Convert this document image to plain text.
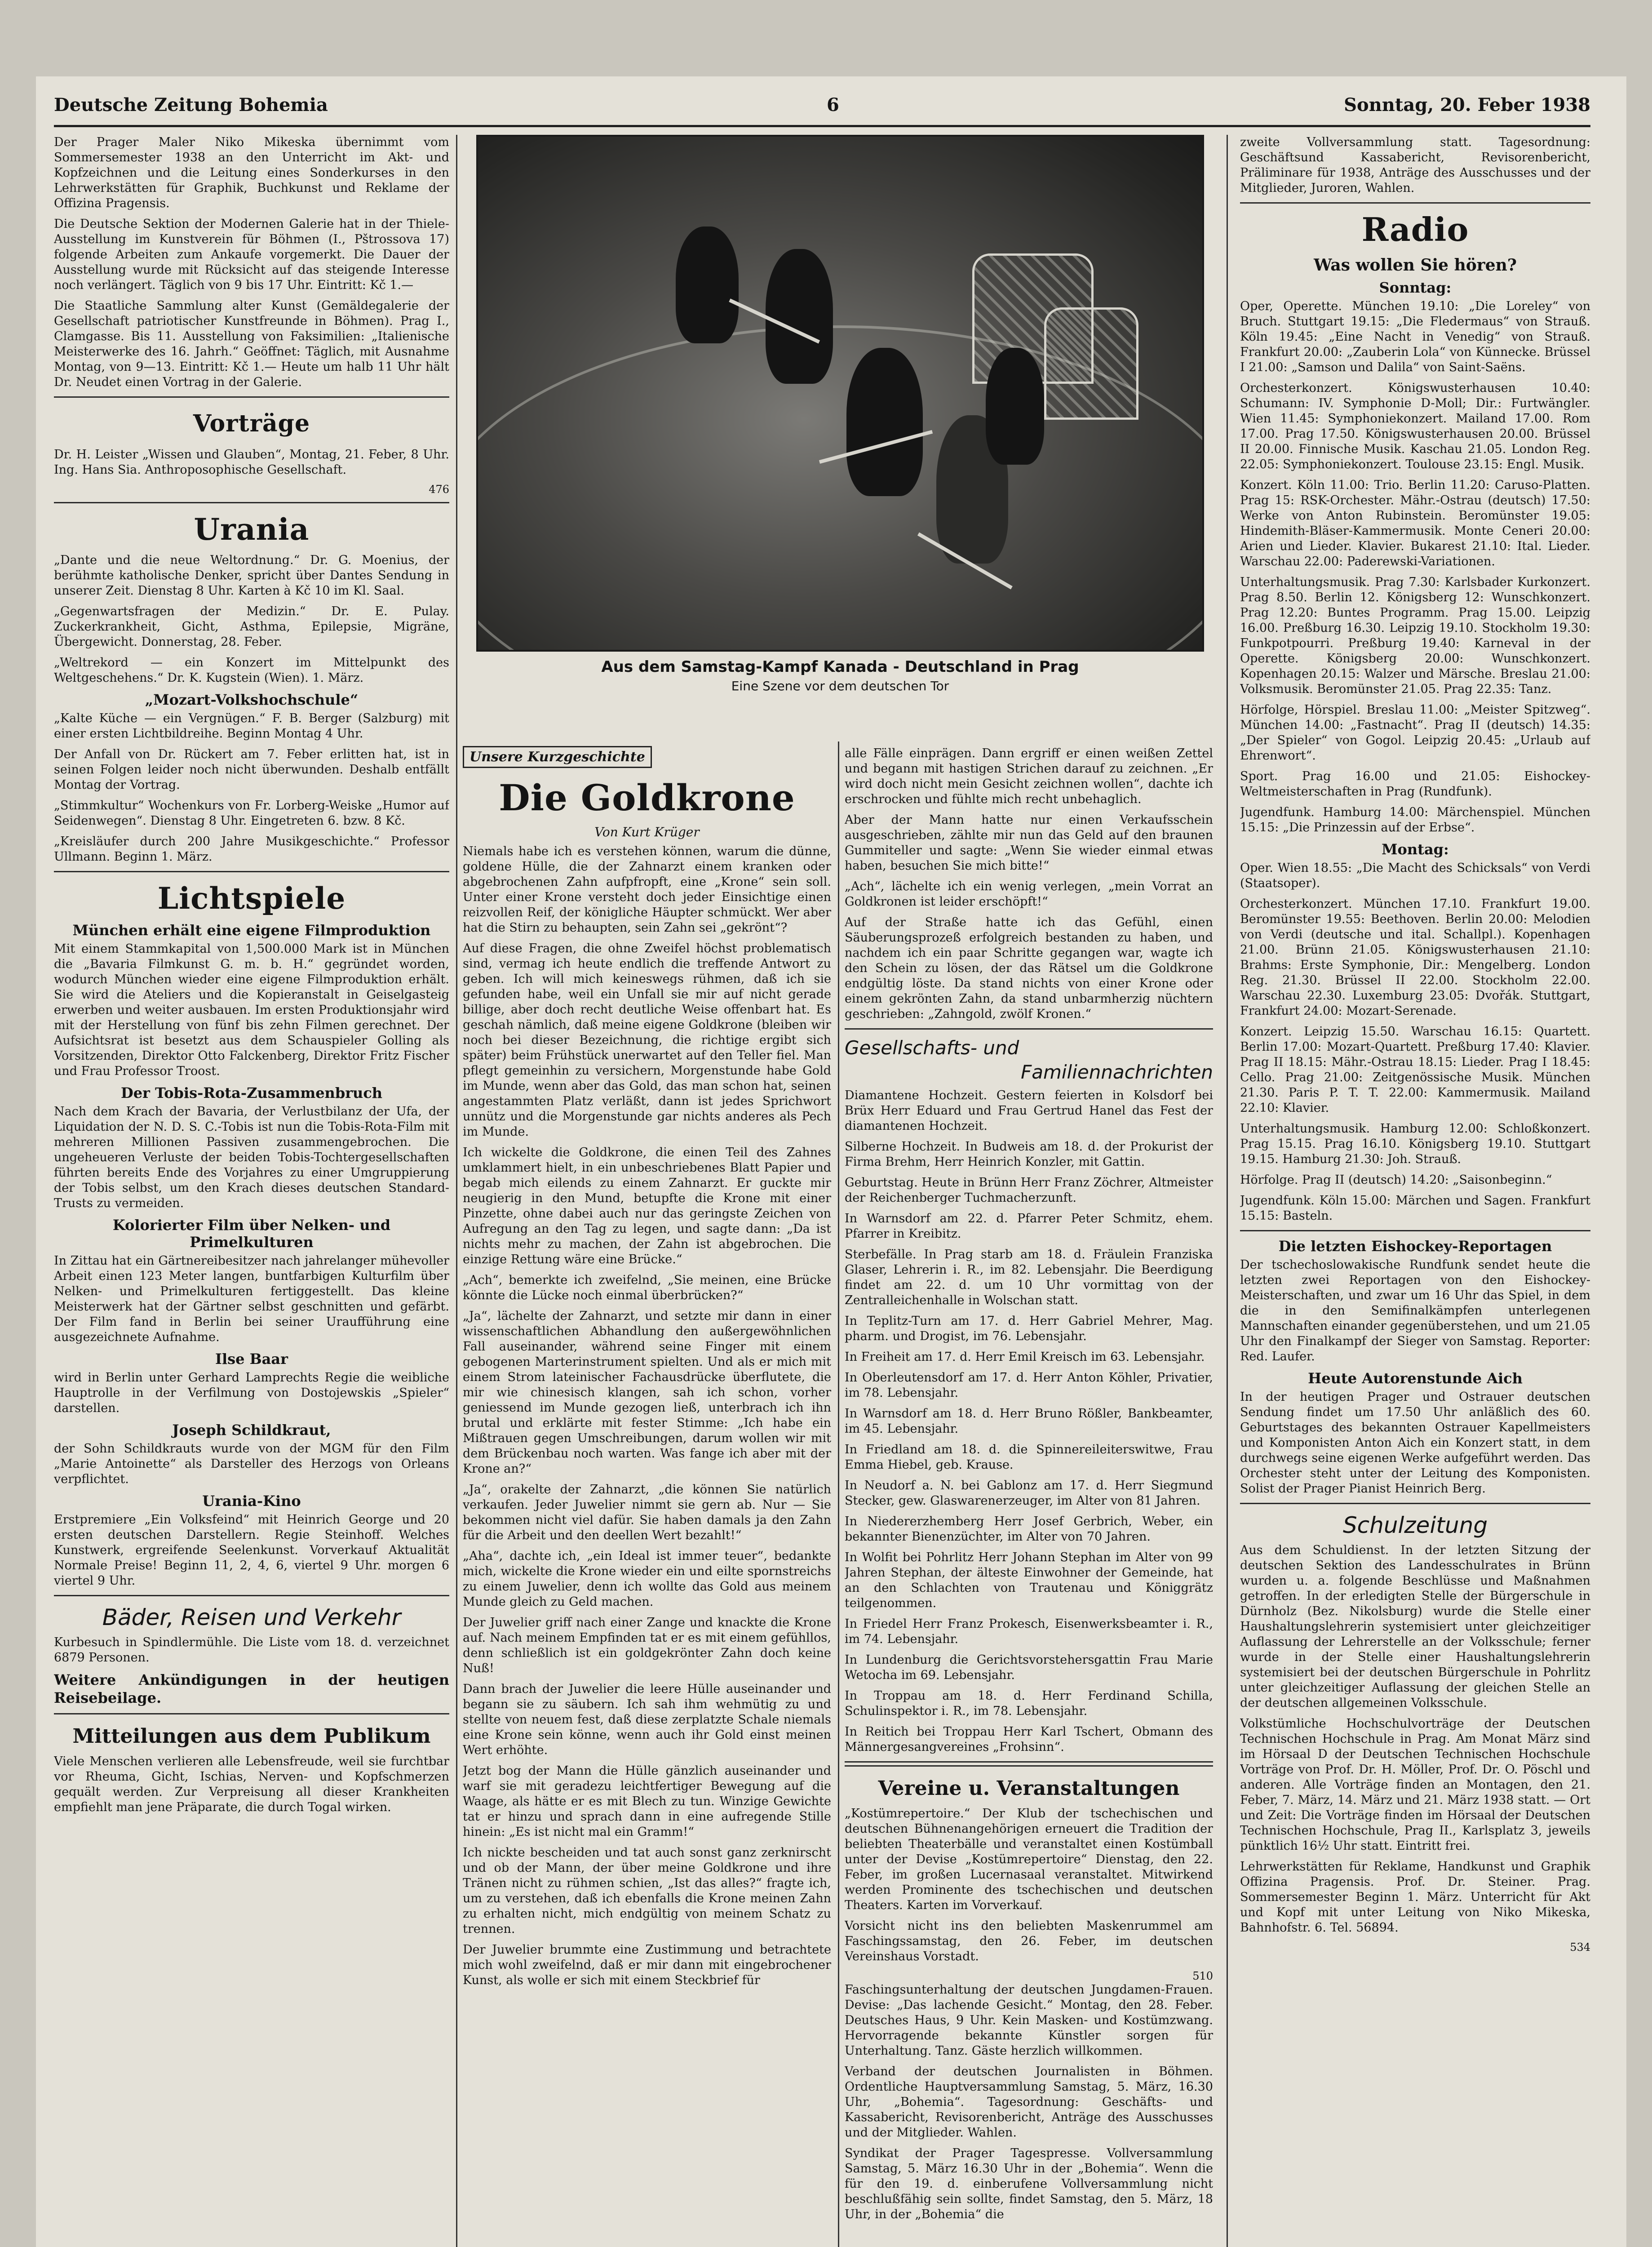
Deutsche Zeitung Bohemia	6	Sonntag, 20. Feber 1938

Der Prager Maler Niko Mikeska übernimmt vom Sommersemester 1938 an den Unterricht im Akt- und Kopfzeichnen und die Leitung eines Sonderkurses in den Lehrwerkstätten für Graphik, Buchkunst und Reklame der Offizina Pragensis.

Die Deutsche Sektion der Modernen Galerie hat in der Thiele-Ausstellung im Kunstverein für Böhmen (I., Pštrossova 17) folgende Arbeiten zum Ankaufe vorgemerkt. Die Dauer der Ausstellung wurde mit Rücksicht auf das steigende Interesse noch verlängert. Täglich von 9 bis 17 Uhr. Eintritt: Kč 1.—

Die Staatliche Sammlung alter Kunst (Gemäldegalerie der Gesellschaft patriotischer Kunstfreunde in Böhmen). Prag I., Clamgasse. Bis 11. Ausstellung von Faksimilien: „Italienische Meisterwerke des 16. Jahrh.“ Geöffnet: Täglich, mit Ausnahme Montag, von 9—13. Eintritt: Kč 1.— Heute um halb 11 Uhr hält Dr. Neudet einen Vortrag in der Galerie.

Vorträge

Dr. H. Leister „Wissen und Glauben“, Montag, 21. Feber, 8 Uhr. Ing. Hans Sia. Anthroposophische Gesellschaft.

476
Urania

„Dante und die neue Weltordnung.“ Dr. G. Moenius, der berühmte katholische Denker, spricht über Dantes Sendung in unserer Zeit. Dienstag 8 Uhr. Karten à Kč 10 im Kl. Saal.

„Gegenwartsfragen der Medizin.“ Dr. E. Pulay. Zuckerkrankheit, Gicht, Asthma, Epilepsie, Migräne, Übergewicht. Donnerstag, 28. Feber.

„Weltrekord — ein Konzert im Mittelpunkt des Weltgeschehens.“ Dr. K. Kugstein (Wien). 1. März.

„Mozart-Volkshochschule“

„Kalte Küche — ein Vergnügen.“ F. B. Berger (Salzburg) mit einer ersten Lichtbildreihe. Beginn Montag 4 Uhr.

Der Anfall von Dr. Rückert am 7. Feber erlitten hat, ist in seinen Folgen leider noch nicht überwunden. Deshalb entfällt Montag der Vortrag.

„Stimmkultur“ Wochenkurs von Fr. Lorberg-Weiske „Humor auf Seidenwegen“. Dienstag 8 Uhr. Eingetreten 6. bzw. 8 Kč.

„Kreisläufer durch 200 Jahre Musikgeschichte.“ Professor Ullmann. Beginn 1. März.

Lichtspiele
München erhält eine eigene Filmproduktion

Mit einem Stammkapital von 1,500.000 Mark ist in München die „Bavaria Filmkunst G. m. b. H.“ gegründet worden, wodurch München wieder eine eigene Filmproduktion erhält. Sie wird die Ateliers und die Kopieranstalt in Geiselgasteig erwerben und weiter ausbauen. Im ersten Produktionsjahr wird mit der Herstellung von fünf bis zehn Filmen gerechnet. Der Aufsichtsrat ist besetzt aus dem Schauspieler Golling als Vorsitzenden, Direktor Otto Falckenberg, Direktor Fritz Fischer und Frau Professor Troost.

Der Tobis-Rota-Zusammenbruch

Nach dem Krach der Bavaria, der Verlustbilanz der Ufa, der Liquidation der N. D. S. C.-Tobis ist nun die Tobis-Rota-Film mit mehreren Millionen Passiven zusammengebrochen. Die ungeheueren Verluste der beiden Tobis-Tochtergesellschaften führten bereits Ende des Vorjahres zu einer Umgruppierung der Tobis selbst, um den Krach dieses deutschen Standard-Trusts zu vermeiden.

Kolorierter Film über Nelken- und Primelkulturen

In Zittau hat ein Gärtnereibesitzer nach jahrelanger mühevoller Arbeit einen 123 Meter langen, buntfarbigen Kulturfilm über Nelken- und Primelkulturen fertiggestellt. Das kleine Meisterwerk hat der Gärtner selbst geschnitten und gefärbt. Der Film fand in Berlin bei seiner Uraufführung eine ausgezeichnete Aufnahme.

Ilse Baar

wird in Berlin unter Gerhard Lamprechts Regie die weibliche Hauptrolle in der Verfilmung von Dostojewskis „Spieler“ darstellen.

Joseph Schildkraut,

der Sohn Schildkrauts wurde von der MGM für den Film „Marie Antoinette“ als Darsteller des Herzogs von Orleans verpflichtet.

Urania-Kino

Erstpremiere „Ein Volksfeind“ mit Heinrich George und 20 ersten deutschen Darstellern. Regie Steinhoff. Welches Kunstwerk, ergreifende Seelenkunst. Vorverkauf Aktualität Normale Preise! Beginn 11, 2, 4, 6, viertel 9 Uhr. morgen 6 viertel 9 Uhr.

Bäder, Reisen und Verkehr

Kurbesuch in Spindlermühle. Die Liste vom 18. d. verzeichnet 6879 Personen.

Weitere Ankündigungen in der heutigen Reisebeilage.

Mitteilungen aus dem Publikum

Viele Menschen verlieren alle Lebensfreude, weil sie furchtbar vor Rheuma, Gicht, Ischias, Nerven- und Kopfschmerzen gequält werden. Zur Verpreisung all dieser Krankheiten empfiehlt man jene Präparate, die durch Togal wirken.

Aus dem Samstag-Kampf Kanada - Deutschland in Prag
Eine Szene vor dem deutschen Tor
Unsere Kurzgeschichte
Die Goldkrone
Von Kurt Krüger

Niemals habe ich es verstehen können, warum die dünne, goldene Hülle, die der Zahnarzt einem kranken oder abgebrochenen Zahn aufpfropft, eine „Krone“ sein soll. Unter einer Krone versteht doch jeder Einsichtige einen reizvollen Reif, der königliche Häupter schmückt. Wer aber hat die Stirn zu behaupten, sein Zahn sei „gekrönt“?

Auf diese Fragen, die ohne Zweifel höchst problematisch sind, vermag ich heute endlich die treffende Antwort zu geben. Ich will mich keineswegs rühmen, daß ich sie gefunden habe, weil ein Unfall sie mir auf nicht gerade billige, aber doch recht deutliche Weise offenbart hat. Es geschah nämlich, daß meine eigene Goldkrone (bleiben wir noch bei dieser Bezeichnung, die richtige ergibt sich später) beim Frühstück unerwartet auf den Teller fiel. Man pflegt gemeinhin zu versichern, Morgenstunde habe Gold im Munde, wenn aber das Gold, das man schon hat, seinen angestammten Platz verläßt, dann ist jedes Sprichwort unnütz und die Morgenstunde gar nichts anderes als Pech im Munde.

Ich wickelte die Goldkrone, die einen Teil des Zahnes umklammert hielt, in ein unbeschriebenes Blatt Papier und begab mich eilends zu einem Zahnarzt. Er guckte mir neugierig in den Mund, betupfte die Krone mit einer Pinzette, ohne dabei auch nur das geringste Zeichen von Aufregung an den Tag zu legen, und sagte dann: „Da ist nichts mehr zu machen, der Zahn ist abgebrochen. Die einzige Rettung wäre eine Brücke.“

„Ach“, bemerkte ich zweifelnd, „Sie meinen, eine Brücke könnte die Lücke noch einmal überbrücken?“

„Ja“, lächelte der Zahnarzt, und setzte mir dann in einer wissenschaftlichen Abhandlung den außergewöhnlichen Fall auseinander, während seine Finger mit einem gebogenen Marterinstrument spielten. Und als er mich mit einem Strom lateinischer Fachausdrücke überflutete, die mir wie chinesisch klangen, sah ich schon, vorher geniessend im Munde gezogen ließ, unterbrach ich ihn brutal und erklärte mit fester Stimme: „Ich habe ein Mißtrauen gegen Umschreibungen, darum wollen wir mit dem Brückenbau noch warten. Was fange ich aber mit der Krone an?“

„Ja“, orakelte der Zahnarzt, „die können Sie natürlich verkaufen. Jeder Juwelier nimmt sie gern ab. Nur — Sie bekommen nicht viel dafür. Sie haben damals ja den Zahn für die Arbeit und den deellen Wert bezahlt!“

„Aha“, dachte ich, „ein Ideal ist immer teuer“, bedankte mich, wickelte die Krone wieder ein und eilte spornstreichs zu einem Juwelier, denn ich wollte das Gold aus meinem Munde gleich zu Geld machen.

Der Juwelier griff nach einer Zange und knackte die Krone auf. Nach meinem Empfinden tat er es mit einem gefühllos, denn schließlich ist ein goldgekrönter Zahn doch keine Nuß!

Dann brach der Juwelier die leere Hülle auseinander und begann sie zu säubern. Ich sah ihm wehmütig zu und stellte von neuem fest, daß diese zerplatzte Schale niemals eine Krone sein könne, wenn auch ihr Gold einst meinen Wert erhöhte.

Jetzt bog der Mann die Hülle gänzlich auseinander und warf sie mit geradezu leichtfertiger Bewegung auf die Waage, als hätte er es mit Blech zu tun. Winzige Gewichte tat er hinzu und sprach dann in eine aufregende Stille hinein: „Es ist nicht mal ein Gramm!“

Ich nickte bescheiden und tat auch sonst ganz zerknirscht und ob der Mann, der über meine Goldkrone und ihre Tränen nicht zu rühmen schien, „Ist das alles?“ fragte ich, um zu verstehen, daß ich ebenfalls die Krone meinen Zahn zu erhalten nicht, mich endgültig von meinem Schatz zu trennen.

Der Juwelier brummte eine Zustimmung und betrachtete mich wohl zweifelnd, daß er mir dann mit eingebrochener Kunst, als wolle er sich mit einem Steckbrief für

alle Fälle einprägen. Dann ergriff er einen weißen Zettel und begann mit hastigen Strichen darauf zu zeichnen. „Er wird doch nicht mein Gesicht zeichnen wollen“, dachte ich erschrocken und fühlte mich recht unbehaglich.

Aber der Mann hatte nur einen Verkaufsschein ausgeschrieben, zählte mir nun das Geld auf den braunen Gummiteller und sagte: „Wenn Sie wieder einmal etwas haben, besuchen Sie mich bitte!“

„Ach“, lächelte ich ein wenig verlegen, „mein Vorrat an Goldkronen ist leider erschöpft!“

Auf der Straße hatte ich das Gefühl, einen Säuberungsprozeß erfolgreich bestanden zu haben, und nachdem ich ein paar Schritte gegangen war, wagte ich den Schein zu lösen, der das Rätsel um die Goldkrone endgültig löste. Da stand nichts von einer Krone oder einem gekrönten Zahn, da stand unbarmherzig nüchtern geschrieben: „Zahngold, zwölf Kronen.“

Gesellschafts- und
Familiennachrichten

Diamantene Hochzeit. Gestern feierten in Kolsdorf bei Brüx Herr Eduard und Frau Gertrud Hanel das Fest der diamantenen Hochzeit.

Silberne Hochzeit. In Budweis am 18. d. der Prokurist der Firma Brehm, Herr Heinrich Konzler, mit Gattin.

Geburtstag. Heute in Brünn Herr Franz Zöchrer, Altmeister der Reichenberger Tuchmacherzunft.

In Warnsdorf am 22. d. Pfarrer Peter Schmitz, ehem. Pfarrer in Kreibitz.

Sterbefälle. In Prag starb am 18. d. Fräulein Franziska Glaser, Lehrerin i. R., im 82. Lebensjahr. Die Beerdigung findet am 22. d. um 10 Uhr vormittag von der Zentralleichenhalle in Wolschan statt.

In Teplitz-Turn am 17. d. Herr Gabriel Mehrer, Mag. pharm. und Drogist, im 76. Lebensjahr.

In Freiheit am 17. d. Herr Emil Kreisch im 63. Lebensjahr.

In Oberleutensdorf am 17. d. Herr Anton Köhler, Privatier, im 78. Lebensjahr.

In Warnsdorf am 18. d. Herr Bruno Rößler, Bankbeamter, im 45. Lebensjahr.

In Friedland am 18. d. die Spinnereileiterswitwe, Frau Emma Hiebel, geb. Krause.

In Neudorf a. N. bei Gablonz am 17. d. Herr Siegmund Stecker, gew. Glaswarenerzeuger, im Alter von 81 Jahren.

In Niedererzhemberg Herr Josef Gerbrich, Weber, ein bekannter Bienenzüchter, im Alter von 70 Jahren.

In Wolfit bei Pohrlitz Herr Johann Stephan im Alter von 99 Jahren Stephan, der älteste Einwohner der Gemeinde, hat an den Schlachten von Trautenau und Königgrätz teilgenommen.

In Friedel Herr Franz Prokesch, Eisenwerksbeamter i. R., im 74. Lebensjahr.

In Lundenburg die Gerichtsvorstehersgattin Frau Marie Wetocha im 69. Lebensjahr.

In Troppau am 18. d. Herr Ferdinand Schilla, Schulinspektor i. R., im 78. Lebensjahr.

In Reitich bei Troppau Herr Karl Tschert, Obmann des Männergesangvereines „Frohsinn“.

Vereine u. Veranstaltungen

„Kostümrepertoire.“ Der Klub der tschechischen und deutschen Bühnenangehörigen erneuert die Tradition der beliebten Theaterbälle und veranstaltet einen Kostümball unter der Devise „Kostümrepertoire“ Dienstag, den 22. Feber, im großen Lucernasaal veranstaltet. Mitwirkend werden Prominente des tschechischen und deutschen Theaters. Karten im Vorverkauf.

Vorsicht nicht ins den beliebten Maskenrummel am Faschingssamstag, den 26. Feber, im deutschen Vereinshaus Vorstadt.

510

Faschingsunterhaltung der deutschen Jungdamen-Frauen. Devise: „Das lachende Gesicht.“ Montag, den 28. Feber. Deutsches Haus, 9 Uhr. Kein Masken- und Kostümzwang. Hervorragende bekannte Künstler sorgen für Unterhaltung. Tanz. Gäste herzlich willkommen.

Verband der deutschen Journalisten in Böhmen. Ordentliche Hauptversammlung Samstag, 5. März, 16.30 Uhr, „Bohemia“. Tagesordnung: Geschäfts- und Kassabericht, Revisorenbericht, Anträge des Ausschusses und der Mitglieder. Wahlen.

Syndikat der Prager Tagespresse. Vollversammlung Samstag, 5. März 16.30 Uhr in der „Bohemia“. Wenn die für den 19. d. einberufene Vollversammlung nicht beschlußfähig sein sollte, findet Samstag, den 5. März, 18 Uhr, in der „Bohemia“ die

zweite Vollversammlung statt. Tagesordnung: Geschäftsund Kassabericht, Revisorenbericht, Präliminare für 1938, Anträge des Ausschusses und der Mitglieder, Juroren, Wahlen.

Radio
Was wollen Sie hören?
Sonntag:

Oper, Operette. München 19.10: „Die Loreley“ von Bruch. Stuttgart 19.15: „Die Fledermaus“ von Strauß. Köln 19.45: „Eine Nacht in Venedig“ von Strauß. Frankfurt 20.00: „Zauberin Lola“ von Künnecke. Brüssel I 21.00: „Samson und Dalila“ von Saint-Saëns.

Orchesterkonzert. Königswusterhausen 10.40: Schumann: IV. Symphonie D-Moll; Dir.: Furtwängler. Wien 11.45: Symphoniekonzert. Mailand 17.00. Rom 17.00. Prag 17.50. Königswusterhausen 20.00. Brüssel II 20.00. Finnische Musik. Kaschau 21.05. London Reg. 22.05: Symphoniekonzert. Toulouse 23.15: Engl. Musik.

Konzert. Köln 11.00: Trio. Berlin 11.20: Caruso-Platten. Prag 15: RSK-Orchester. Mähr.-Ostrau (deutsch) 17.50: Werke von Anton Rubinstein. Beromünster 19.05: Hindemith-Bläser-Kammermusik. Monte Ceneri 20.00: Arien und Lieder. Klavier. Bukarest 21.10: Ital. Lieder. Warschau 22.00: Paderewski-Variationen.

Unterhaltungsmusik. Prag 7.30: Karlsbader Kurkonzert. Prag 8.50. Berlin 12. Königsberg 12: Wunschkonzert. Prag 12.20: Buntes Programm. Prag 15.00. Leipzig 16.00. Preßburg 16.30. Leipzig 19.10. Stockholm 19.30: Funkpotpourri. Preßburg 19.40: Karneval in der Operette. Königsberg 20.00: Wunschkonzert. Kopenhagen 20.15: Walzer und Märsche. Breslau 21.00: Volksmusik. Beromünster 21.05. Prag 22.35: Tanz.

Hörfolge, Hörspiel. Breslau 11.00: „Meister Spitzweg“. München 14.00: „Fastnacht“. Prag II (deutsch) 14.35: „Der Spieler“ von Gogol. Leipzig 20.45: „Urlaub auf Ehrenwort“.

Sport. Prag 16.00 und 21.05: Eishockey-Weltmeisterschaften in Prag (Rundfunk).

Jugendfunk. Hamburg 14.00: Märchenspiel. München 15.15: „Die Prinzessin auf der Erbse“.

Montag:

Oper. Wien 18.55: „Die Macht des Schicksals“ von Verdi (Staatsoper).

Orchesterkonzert. München 17.10. Frankfurt 19.00. Beromünster 19.55: Beethoven. Berlin 20.00: Melodien von Verdi (deutsche und ital. Schallpl.). Kopenhagen 21.00. Brünn 21.05. Königswusterhausen 21.10: Brahms: Erste Symphonie, Dir.: Mengelberg. London Reg. 21.30. Brüssel II 22.00. Stockholm 22.00. Warschau 22.30. Luxemburg 23.05: Dvořák. Stuttgart, Frankfurt 24.00: Mozart-Serenade.

Konzert. Leipzig 15.50. Warschau 16.15: Quartett. Berlin 17.00: Mozart-Quartett. Preßburg 17.40: Klavier. Prag II 18.15: Mähr.-Ostrau 18.15: Lieder. Prag I 18.45: Cello. Prag 21.00: Zeitgenössische Musik. München 21.30. Paris P. T. T. 22.00: Kammermusik. Mailand 22.10: Klavier.

Unterhaltungsmusik. Hamburg 12.00: Schloßkonzert. Prag 15.15. Prag 16.10. Königsberg 19.10. Stuttgart 19.15. Hamburg 21.30: Joh. Strauß.

Hörfolge. Prag II (deutsch) 14.20: „Saisonbeginn.“

Jugendfunk. Köln 15.00: Märchen und Sagen. Frankfurt 15.15: Basteln.

Die letzten Eishockey-Reportagen

Der tschechoslowakische Rundfunk sendet heute die letzten zwei Reportagen von den Eishockey-Meisterschaften, und zwar um 16 Uhr das Spiel, in dem die in den Semifinalkämpfen unterlegenen Mannschaften einander gegenüberstehen, und um 21.05 Uhr den Finalkampf der Sieger von Samstag. Reporter: Red. Laufer.

Heute Autorenstunde Aich

In der heutigen Prager und Ostrauer deutschen Sendung findet um 17.50 Uhr anläßlich des 60. Geburtstages des bekannten Ostrauer Kapellmeisters und Komponisten Anton Aich ein Konzert statt, in dem durchwegs seine eigenen Werke aufgeführt werden. Das Orchester steht unter der Leitung des Komponisten. Solist der Prager Pianist Heinrich Berg.

Schulzeitung

Aus dem Schuldienst. In der letzten Sitzung der deutschen Sektion des Landesschulrates in Brünn wurden u. a. folgende Beschlüsse und Maßnahmen getroffen. In der erledigten Stelle der Bürgerschule in Dürnholz (Bez. Nikolsburg) wurde die Stelle einer Haushaltungslehrerin systemisiert unter gleichzeitiger Auflassung der Lehrerstelle an der Volksschule; ferner wurde in der Stelle einer Haushaltungslehrerin systemisiert bei der deutschen Bürgerschule in Pohrlitz unter gleichzeitiger Auflassung der gleichen Stelle an der deutschen allgemeinen Volksschule.

Volkstümliche Hochschulvorträge der Deutschen Technischen Hochschule in Prag. Am Monat März sind im Hörsaal D der Deutschen Technischen Hochschule Vorträge von Prof. Dr. H. Möller, Prof. Dr. O. Pöschl und anderen. Alle Vorträge finden an Montagen, den 21. Feber, 7. März, 14. März und 21. März 1938 statt. — Ort und Zeit: Die Vorträge finden im Hörsaal der Deutschen Technischen Hochschule, Prag II., Karlsplatz 3, jeweils pünktlich 16½ Uhr statt. Eintritt frei.

Lehrwerkstätten für Reklame, Handkunst und Graphik Offizina Pragensis. Prof. Dr. Steiner. Prag. Sommersemester Beginn 1. März. Unterricht für Akt und Kopf mit unter Leitung von Niko Mikeska, Bahnhofstr. 6. Tel. 56894.

534
